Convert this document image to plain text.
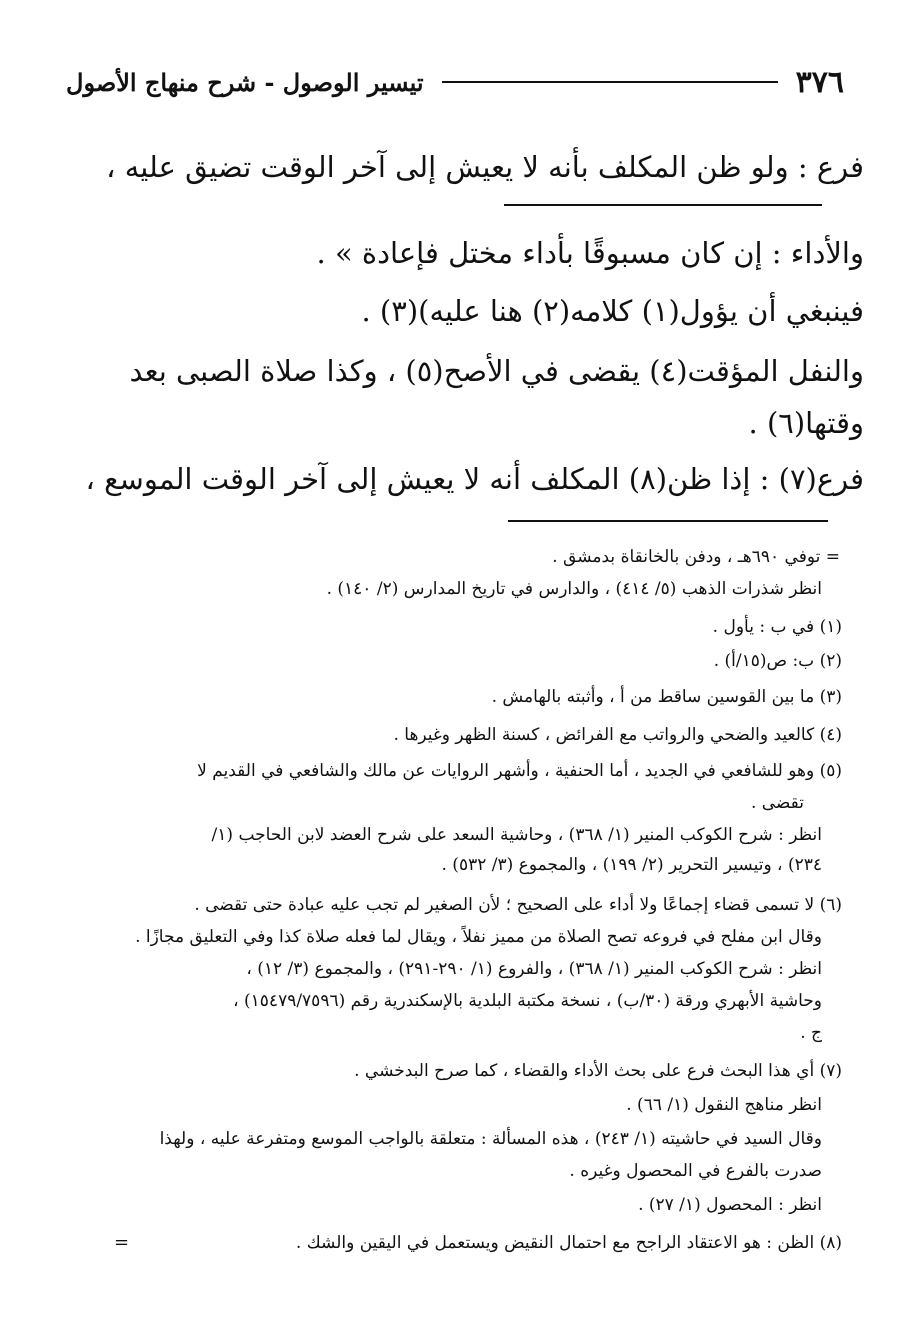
٣٧٦
تيسير الوصول - شرح منهاج الأصول
فرع : ولو ظن المكلف بأنه لا يعيش إلى آخر الوقت تضيق عليه ،
والأداء : إن كان مسبوقًا بأداء مختل فإعادة » .
فينبغي أن يؤول(١) كلامه(٢) هنا عليه)(٣) .
والنفل المؤقت(٤) يقضى في الأصح(٥) ، وكذا صلاة الصبى بعد
وقتها(٦) .
فرع(٧) : إذا ظن(٨) المكلف أنه لا يعيش إلى آخر الوقت الموسع ،
= توفي ٦٩٠هـ ، ودفن بالخانقاة بدمشق .
انظر شذرات الذهب (٥/ ٤١٤) ، والدارس في تاريخ المدارس (٢/ ١٤٠) .
(١) في ب : يأول .
(٢) ب: ص(١٥/أ) .
(٣) ما بين القوسين ساقط من أ ، وأثبته بالهامش .
(٤) كالعيد والضحي والرواتب مع الفرائض ، كسنة الظهر وغيرها .
(٥) وهو للشافعي في الجديد ، أما الحنفية ، وأشهر الروايات عن مالك والشافعي في القديم لا
تقضى .
انظر : شرح الكوكب المنير (١/ ٣٦٨) ، وحاشية السعد على شرح العضد لابن الحاجب (١/
٢٣٤) ، وتيسير التحرير (٢/ ١٩٩) ، والمجموع (٣/ ٥٣٢) .
(٦) لا تسمى قضاء إجماعًا ولا أداء على الصحيح ؛ لأن الصغير لم تجب عليه عبادة حتى تقضى .
وقال ابن مفلح في فروعه تصح الصلاة من مميز نفلاً ، ويقال لما فعله صلاة كذا وفي التعليق مجازًا .
انظر : شرح الكوكب المنير (١/ ٣٦٨) ، والفروع (١/ ٢٩٠-٢٩١) ، والمجموع (٣/ ١٢) ،
وحاشية الأبهري ورقة (٣٠/ب) ، نسخة مكتبة البلدية بالإسكندرية رقم (١٥٤٧٩/٧٥٩٦) ،
ج .
(٧) أي هذا البحث فرع على بحث الأداء والقضاء ، كما صرح البدخشي .
انظر مناهج النقول (١/ ٦٦) .
وقال السيد في حاشيته (١/ ٢٤٣) ، هذه المسألة : متعلقة بالواجب الموسع ومتفرعة عليه ، ولهذا
صدرت بالفرع في المحصول وغيره .
انظر : المحصول (١/ ٢٧) .
(٨) الظن : هو الاعتقاد الراجح مع احتمال النقيض ويستعمل في اليقين والشك .
=
